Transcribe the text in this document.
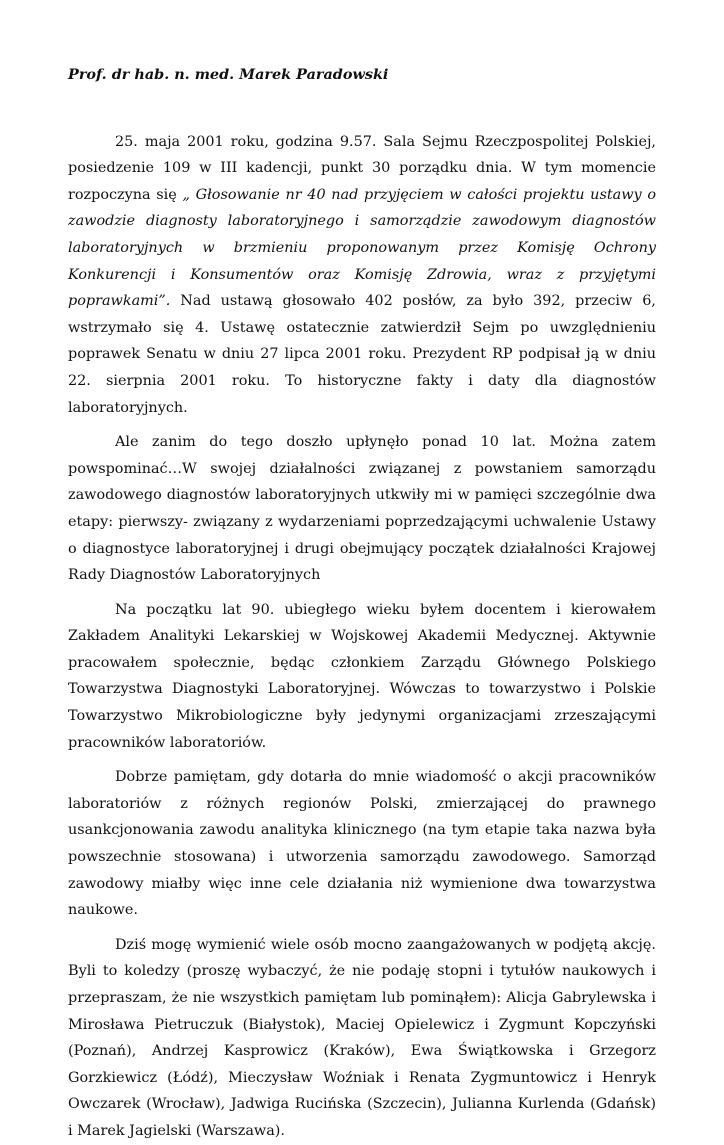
Prof. dr hab. n. med. Marek Paradowski

25. maja 2001 roku, godzina 9.57. Sala Sejmu Rzeczpospolitej Polskiej, posiedzenie 109 w III kadencji, punkt 30 porządku dnia. W tym momencie rozpoczyna się „ Głosowanie nr 40 nad przyjęciem w całości projektu ustawy o zawodzie diagnosty laboratoryjnego i samorządzie zawodowym diagnostów laboratoryjnych w brzmieniu proponowanym przez Komisję Ochrony Konkurencji i Konsumentów oraz Komisję Zdrowia, wraz z przyjętymi poprawkami”. Nad ustawą głosowało 402 posłów, za było 392, przeciw 6, wstrzymało się 4. Ustawę ostatecznie zatwierdził Sejm po uwzględnieniu poprawek Senatu w dniu 27 lipca 2001 roku. Prezydent RP podpisał ją w dniu 22. sierpnia 2001 roku. To historyczne fakty i daty dla diagnostów laboratoryjnych.

Ale zanim do tego doszło upłynęło ponad 10 lat. Można zatem powspominać…W swojej działalności związanej z powstaniem samorządu zawodowego diagnostów laboratoryjnych utkwiły mi w pamięci szczególnie dwa etapy: pierwszy- związany z wydarzeniami poprzedzającymi uchwalenie Ustawy o diagnostyce laboratoryjnej i drugi obejmujący początek działalności Krajowej Rady Diagnostów Laboratoryjnych

Na początku lat 90. ubiegłego wieku byłem docentem i kierowałem Zakładem Analityki Lekarskiej w Wojskowej Akademii Medycznej. Aktywnie pracowałem społecznie, będąc członkiem Zarządu Głównego Polskiego Towarzystwa Diagnostyki Laboratoryjnej. Wówczas to towarzystwo i Polskie Towarzystwo Mikrobiologiczne były jedynymi organizacjami zrzeszającymi pracowników laboratoriów.

Dobrze pamiętam, gdy dotarła do mnie wiadomość o akcji pracowników laboratoriów z różnych regionów Polski, zmierzającej do prawnego usankcjonowania zawodu analityka klinicznego (na tym etapie taka nazwa była powszechnie stosowana) i utworzenia samorządu zawodowego. Samorząd zawodowy miałby więc inne cele działania niż wymienione dwa towarzystwa naukowe.

Dziś mogę wymienić wiele osób mocno zaangażowanych w podjętą akcję. Byli to koledzy (proszę wybaczyć, że nie podaję stopni i tytułów naukowych i przepraszam, że nie wszystkich pamiętam lub pominąłem): Alicja Gabrylewska i Mirosława Pietruczuk (Białystok), Maciej Opielewicz i Zygmunt Kopczyński (Poznań), Andrzej Kasprowicz (Kraków), Ewa Świątkowska i Grzegorz Gorzkiewicz (Łódź), Mieczysław Woźniak i Renata Zygmuntowicz i Henryk Owczarek (Wrocław), Jadwiga Rucińska (Szczecin), Julianna Kurlenda (Gdańsk) i Marek Jagielski (Warszawa).
